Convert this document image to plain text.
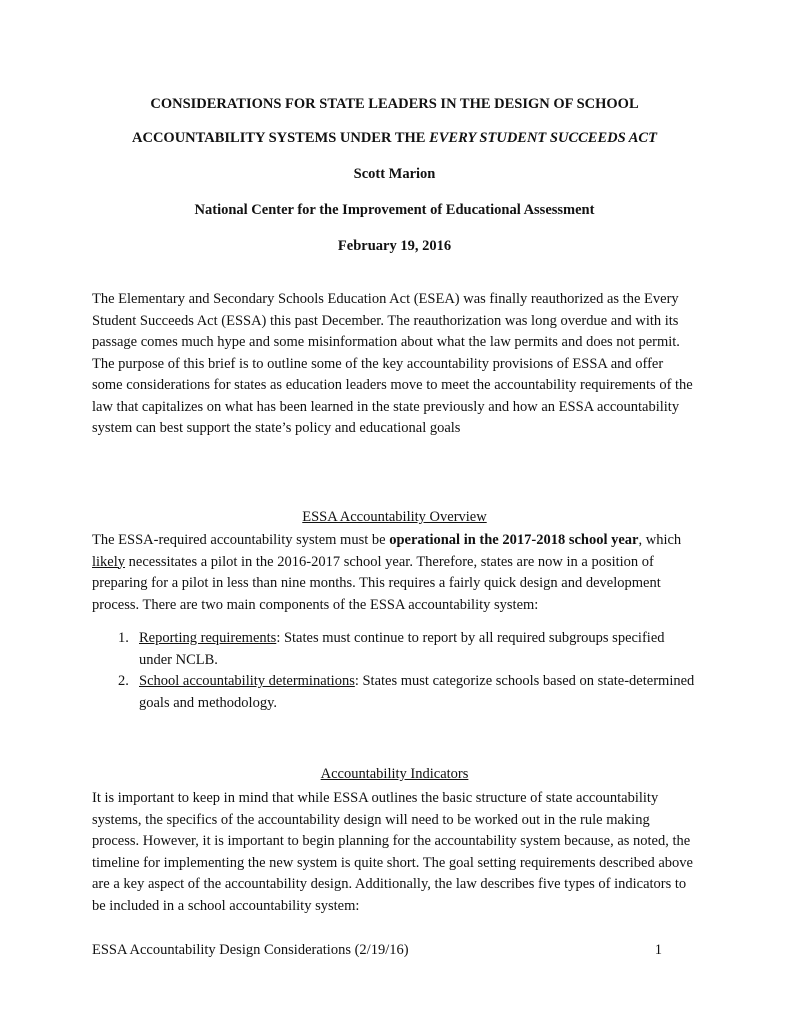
CONSIDERATIONS FOR STATE LEADERS IN THE DESIGN OF SCHOOL
ACCOUNTABILITY SYSTEMS UNDER THE EVERY STUDENT SUCCEEDS ACT
Scott Marion
National Center for the Improvement of Educational Assessment
February 19, 2016
The Elementary and Secondary Schools Education Act (ESEA) was finally reauthorized as the Every Student Succeeds Act (ESSA) this past December. The reauthorization was long overdue and with its passage comes much hype and some misinformation about what the law permits and does not permit. The purpose of this brief is to outline some of the key accountability provisions of ESSA and offer some considerations for states as education leaders move to meet the accountability requirements of the law that capitalizes on what has been learned in the state previously and how an ESSA accountability system can best support the state’s policy and educational goals
ESSA Accountability Overview
The ESSA-required accountability system must be operational in the 2017-2018 school year, which likely necessitates a pilot in the 2016-2017 school year. Therefore, states are now in a position of preparing for a pilot in less than nine months. This requires a fairly quick design and development process. There are two main components of the ESSA accountability system:
1. Reporting requirements: States must continue to report by all required subgroups specified under NCLB.
2. School accountability determinations: States must categorize schools based on state-determined goals and methodology.
Accountability Indicators
It is important to keep in mind that while ESSA outlines the basic structure of state accountability systems, the specifics of the accountability design will need to be worked out in the rule making process. However, it is important to begin planning for the accountability system because, as noted, the timeline for implementing the new system is quite short. The goal setting requirements described above are a key aspect of the accountability design. Additionally, the law describes five types of indicators to be included in a school accountability system:
ESSA Accountability Design Considerations (2/19/16)	1
